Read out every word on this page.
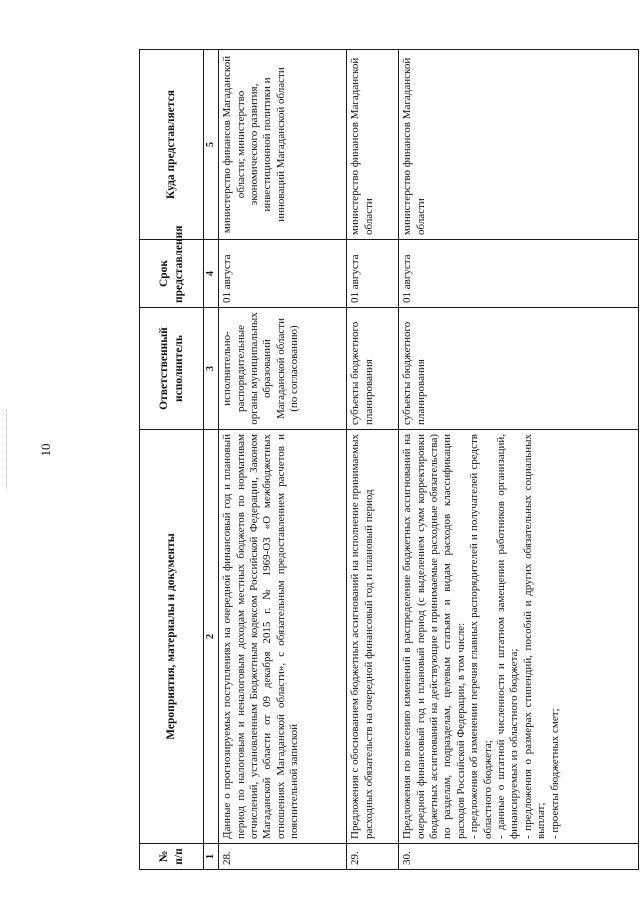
10
№ п/п	Мероприятия, материалы и документы	Ответственный исполнитель	Срок представления	Куда представляется
1	2	3	4	5
28.	Данные о прогнозируемых поступлениях на очередной финансовый год и плановый период по налоговым и неналоговым доходам местных бюджетов по нормативам отчислений, установленным Бюджетным кодексом Российской Федерации, Законом Магаданской области от 09 декабря 2015 г. № 1969-ОЗ «О межбюджетных отношениях Магаданской области», с обязательным предоставлением расчетов и пояснительной запиской	исполнительно-распорядительные органы муниципальных образований Магаданской области (по согласованию)	01 августа	министерство финансов Магаданской области; министерство экономического развития, инвестиционной политики и инноваций Магаданской области
29.	Предложения с обоснованием бюджетных ассигнований на исполнение принимаемых расходных обязательств на очередной финансовый год и плановый период	субъекты бюджетного планирования	01 августа	министерство финансов Магаданской области
30.	Предложения по внесению изменений в распределение бюджетных ассигнований на очередной финансовый год и плановый период (с выделением сумм корректировки бюджетных ассигнований на действующие и принимаемые расходные обязательства) по разделам, подразделам, целевым статьям и видам расходов классификации расходов Российской Федерации, в том числе: - предложения об изменении перечня главных распорядителей и получателей средств областного бюджета; - данные о штатной численности и штатном замещении работников организаций, финансируемых из областного бюджета; - предложения о размерах стипендий, пособий и других обязательных социальных выплат; - проекты бюджетных смет;	субъекты бюджетного планирования	01 августа	министерство финансов Магаданской области
